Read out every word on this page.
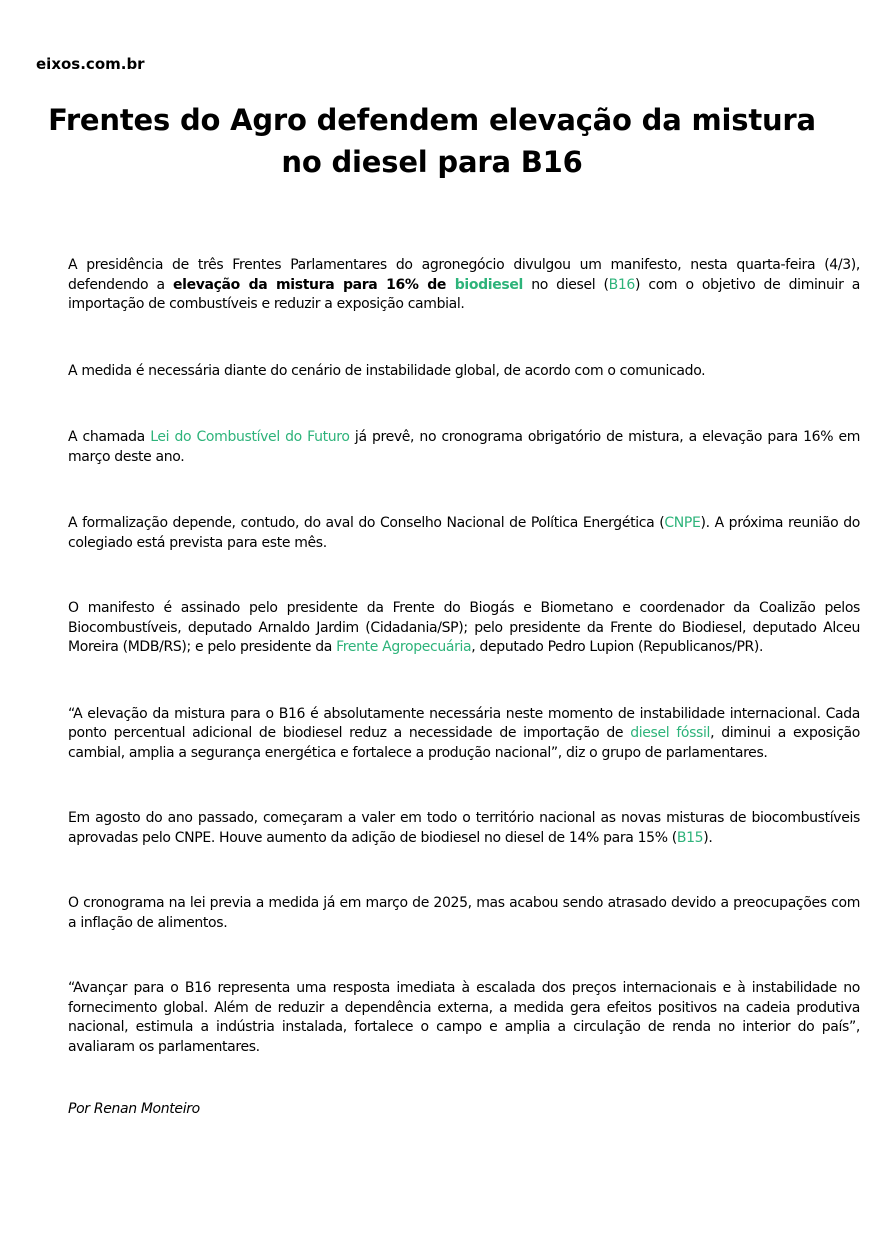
eixos.com.br
Frentes do Agro defendem elevação da mistura no diesel para B16

A presidência de três Frentes Parlamentares do agronegócio divulgou um manifesto, nesta quarta-feira (4/3), defendendo a elevação da mistura para 16% de biodiesel no diesel (B16) com o objetivo de diminuir a importação de combustíveis e reduzir a exposição cambial.

A medida é necessária diante do cenário de instabilidade global, de acordo com o comunicado.

A chamada Lei do Combustível do Futuro já prevê, no cronograma obrigatório de mistura, a elevação para 16% em março deste ano.

A formalização depende, contudo, do aval do Conselho Nacional de Política Energética (CNPE). A próxima reunião do colegiado está prevista para este mês.

O manifesto é assinado pelo presidente da Frente do Biogás e Biometano e coordenador da Coalizão pelos Biocombustíveis, deputado Arnaldo Jardim (Cidadania/SP); pelo presidente da Frente do Biodiesel, deputado Alceu Moreira (MDB/RS); e pelo presidente da Frente Agropecuária, deputado Pedro Lupion (Republicanos/PR).

“A elevação da mistura para o B16 é absolutamente necessária neste momento de instabilidade internacional. Cada ponto percentual adicional de biodiesel reduz a necessidade de importação de diesel fóssil, diminui a exposição cambial, amplia a segurança energética e fortalece a produção nacional”, diz o grupo de parlamentares.

Em agosto do ano passado, começaram a valer em todo o território nacional as novas misturas de biocombustíveis aprovadas pelo CNPE. Houve aumento da adição de biodiesel no diesel de 14% para 15% (B15).

O cronograma na lei previa a medida já em março de 2025, mas acabou sendo atrasado devido a preocupações com a inflação de alimentos.

“Avançar para o B16 representa uma resposta imediata à escalada dos preços internacionais e à instabilidade no fornecimento global. Além de reduzir a dependência externa, a medida gera efeitos positivos na cadeia produtiva nacional, estimula a indústria instalada, fortalece o campo e amplia a circulação de renda no interior do país”, avaliaram os parlamentares.

Por Renan Monteiro
